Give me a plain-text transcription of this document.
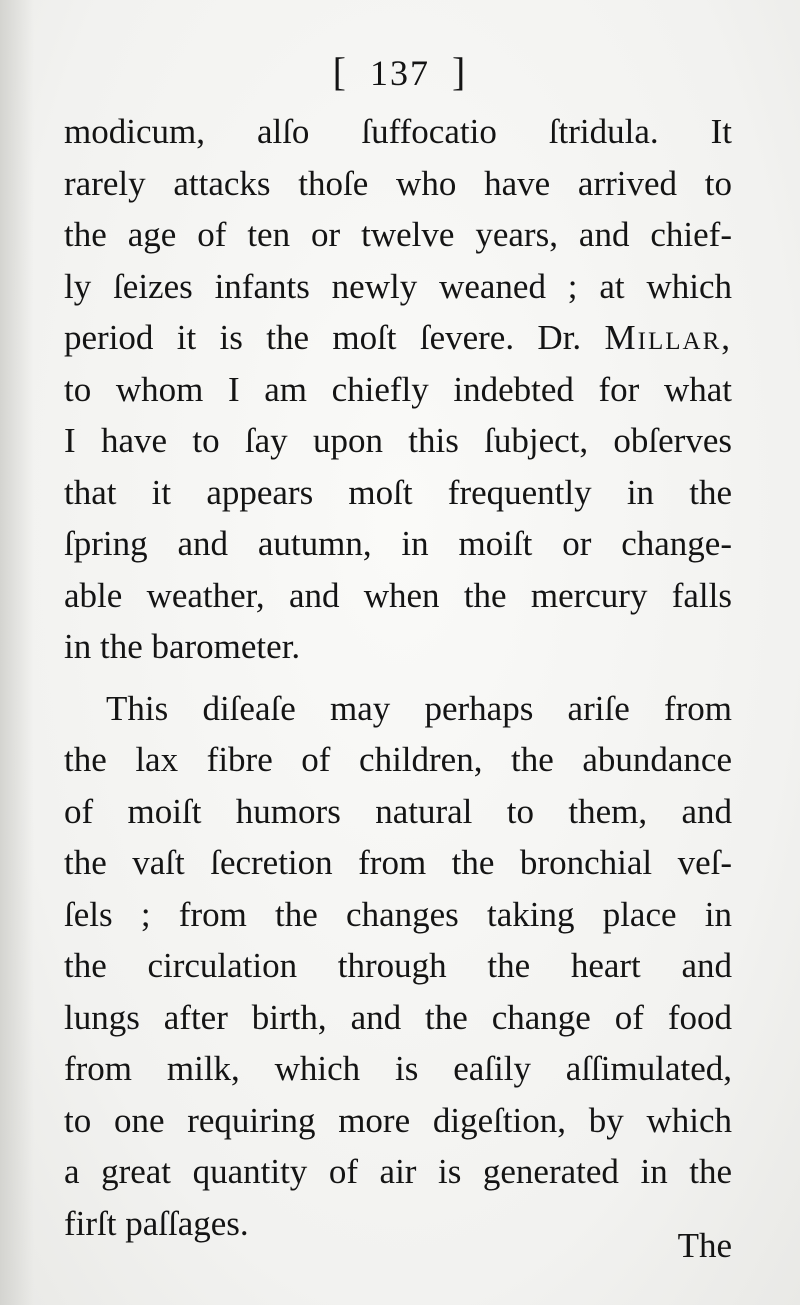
[ 137 ]
modicum, alſo ſuffocatio ſtridula. It
rarely attacks thoſe who have arrived to
the age of ten or twelve years, and chief-
ly ſeizes infants newly weaned ; at which
period it is the moſt ſevere. Dr. Millar,
to whom I am chiefly indebted for what
I have to ſay upon this ſubject, obſerves
that it appears moſt frequently in the
ſpring and autumn, in moiſt or change-
able weather, and when the mercury falls
in the barometer.
This diſeaſe may perhaps ariſe from
the lax fibre of children, the abundance
of moiſt humors natural to them, and
the vaſt ſecretion from the bronchial veſ-
ſels ; from the changes taking place in
the circulation through the heart and
lungs after birth, and the change of food
from milk, which is eaſily aſſimulated,
to one requiring more digeſtion, by which
a great quantity of air is generated in the
firſt paſſages.
The
